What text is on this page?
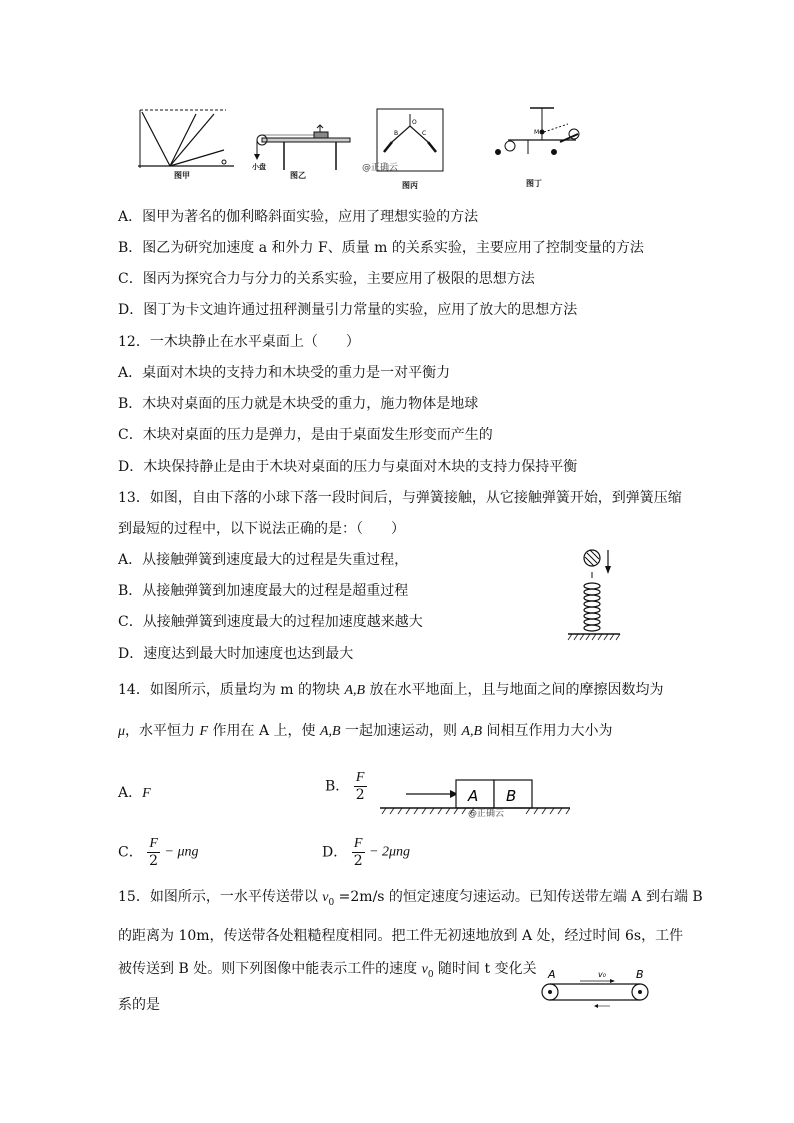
图甲
小盘
图乙
O
B	C
@正确云
图丙
M
图丁
A．图甲为著名的伽利略斜面实验，应用了理想实验的方法
B．图乙为研究加速度 a 和外力 F、质量 m 的关系实验，主要应用了控制变量的方法
C．图丙为探究合力与分力的关系实验，主要应用了极限的思想方法
D．图丁为卡文迪许通过扭秤测量引力常量的实验，应用了放大的思想方法
12．一木块静止在水平桌面上（　　）
A．桌面对木块的支持力和木块受的重力是一对平衡力
B．木块对桌面的压力就是木块受的重力，施力物体是地球
C．木块对桌面的压力是弹力，是由于桌面发生形变而产生的
D．木块保持静止是由于木块对桌面的压力与桌面对木块的支持力保持平衡
13．如图，自由下落的小球下落一段时间后，与弹簧接触，从它接触弹簧开始，到弹簧压缩
到最短的过程中，以下说法正确的是：（　　）
A．从接触弹簧到速度最大的过程是失重过程，
B．从接触弹簧到加速度最大的过程是超重过程
C．从接触弹簧到速度最大的过程加速度越来越大
D．速度达到最大时加速度也达到最大
14．如图所示，质量均为 m 的物块 A,B 放在水平地面上，且与地面之间的摩擦因数均为
μ，水平恒力 F 作用在 A 上，使 A,B 一起加速运动，则 A,B 间相互作用力大小为
A．F	B． $\frac{F}{2}$
C． $\frac{F}{2} - \mu ng$	D． $\frac{F}{2} - 2\mu ng$
A B
@正确云
15．如图所示，一水平传送带以 $v_0 =2m/s$ 的恒定速度匀速运动。已知传送带左端 A 到右端 B
的距离为 10m，传送带各处粗糙程度相同。把工件无初速地放到 A 处，经过时间 6s，工件
被传送到 B 处。则下列图像中能表示工件的速度 $v_0$ 随时间 t 变化关
系的是
A	v₀	B
